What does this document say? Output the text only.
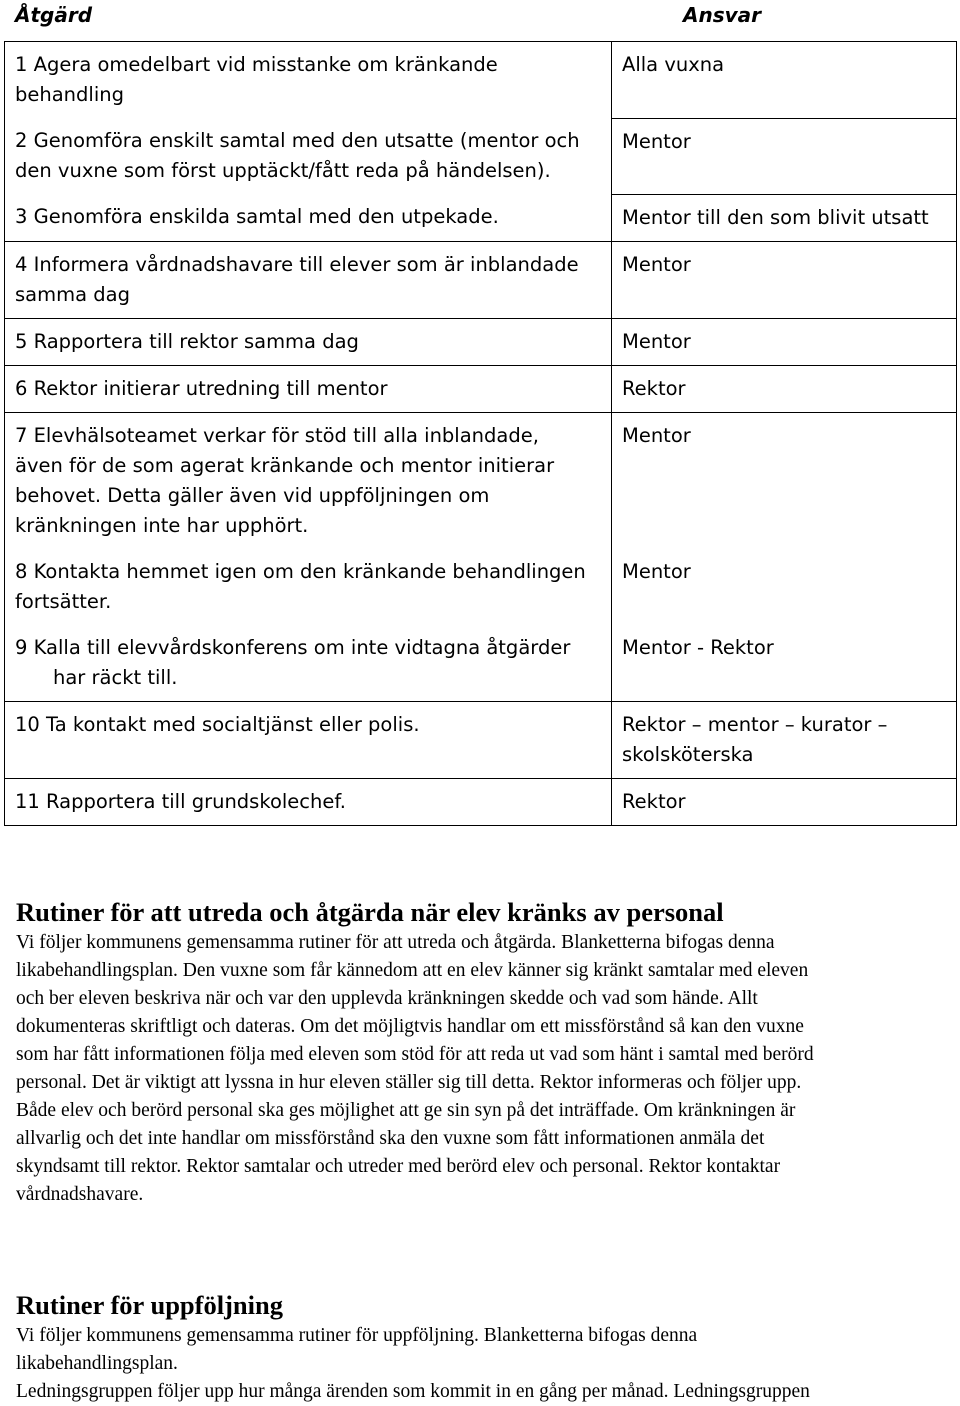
Åtgärd	Ansvar
1 Agera omedelbart vid misstanke om kränkande
behandling	Alla vuxna
2 Genomföra enskilt samtal med den utsatte (mentor och
den vuxne som först upptäckt/fått reda på händelsen).	Mentor
3 Genomföra enskilda samtal med den utpekade.	Mentor till den som blivit utsatt
4 Informera vårdnadshavare till elever som är inblandade
samma dag	Mentor
5 Rapportera till rektor samma dag	Mentor
6 Rektor initierar utredning till mentor	Rektor
7 Elevhälsoteamet verkar för stöd till alla inblandade,
även för de som agerat kränkande och mentor initierar
behovet. Detta gäller även vid uppföljningen om
kränkningen inte har upphört.	Mentor
8 Kontakta hemmet igen om den kränkande behandlingen
fortsätter.	Mentor
9 Kalla till elevvårdskonferens om inte vidtagna åtgärder
har räckt till.	Mentor - Rektor
10 Ta kontakt med socialtjänst eller polis.	Rektor – mentor – kurator –
skolsköterska
11 Rapportera till grundskolechef.	Rektor
Rutiner för att utreda och åtgärda när elev kränks av personal

Vi följer kommunens gemensamma rutiner för att utreda och åtgärda. Blanketterna bifogas denna

likabehandlingsplan. Den vuxne som får kännedom att en elev känner sig kränkt samtalar med eleven

och ber eleven beskriva när och var den upplevda kränkningen skedde och vad som hände. Allt

dokumenteras skriftligt och dateras. Om det möjligtvis handlar om ett missförstånd så kan den vuxne

som har fått informationen följa med eleven som stöd för att reda ut vad som hänt i samtal med berörd

personal. Det är viktigt att lyssna in hur eleven ställer sig till detta. Rektor informeras och följer upp.

Både elev och berörd personal ska ges möjlighet att ge sin syn på det inträffade. Om kränkningen är

allvarlig och det inte handlar om missförstånd ska den vuxne som fått informationen anmäla det

skyndsamt till rektor. Rektor samtalar och utreder med berörd elev och personal. Rektor kontaktar

vårdnadshavare.

Rutiner för uppföljning

Vi följer kommunens gemensamma rutiner för uppföljning. Blanketterna bifogas denna

likabehandlingsplan.

Ledningsgruppen följer upp hur många ärenden som kommit in en gång per månad. Ledningsgruppen
